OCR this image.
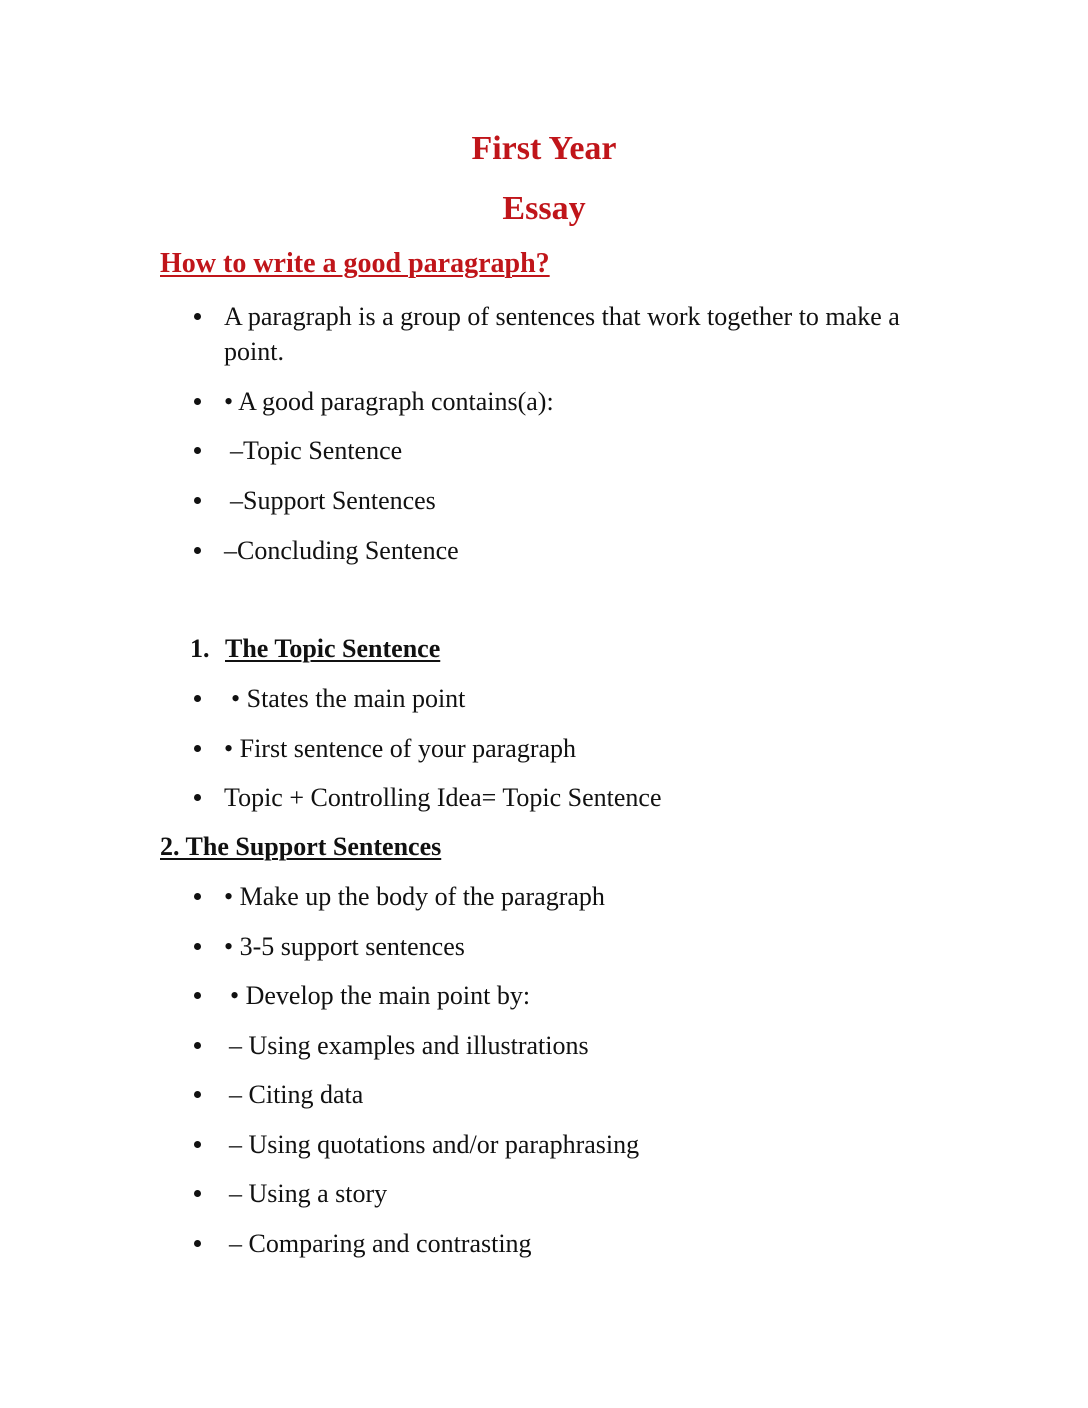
First Year
Essay
How to write a good paragraph?
A paragraph is a group of sentences that work together to make a point.
• A good paragraph contains(a):
–Topic Sentence
–Support Sentences
–Concluding Sentence
1. The Topic Sentence
• States the main point
• First sentence of your paragraph
Topic + Controlling Idea= Topic Sentence
2. The Support Sentences
• Make up the body of the paragraph
• 3-5 support sentences
• Develop the main point by:
– Using examples and illustrations
– Citing data
– Using quotations and/or paraphrasing
– Using a story
– Comparing and contrasting
